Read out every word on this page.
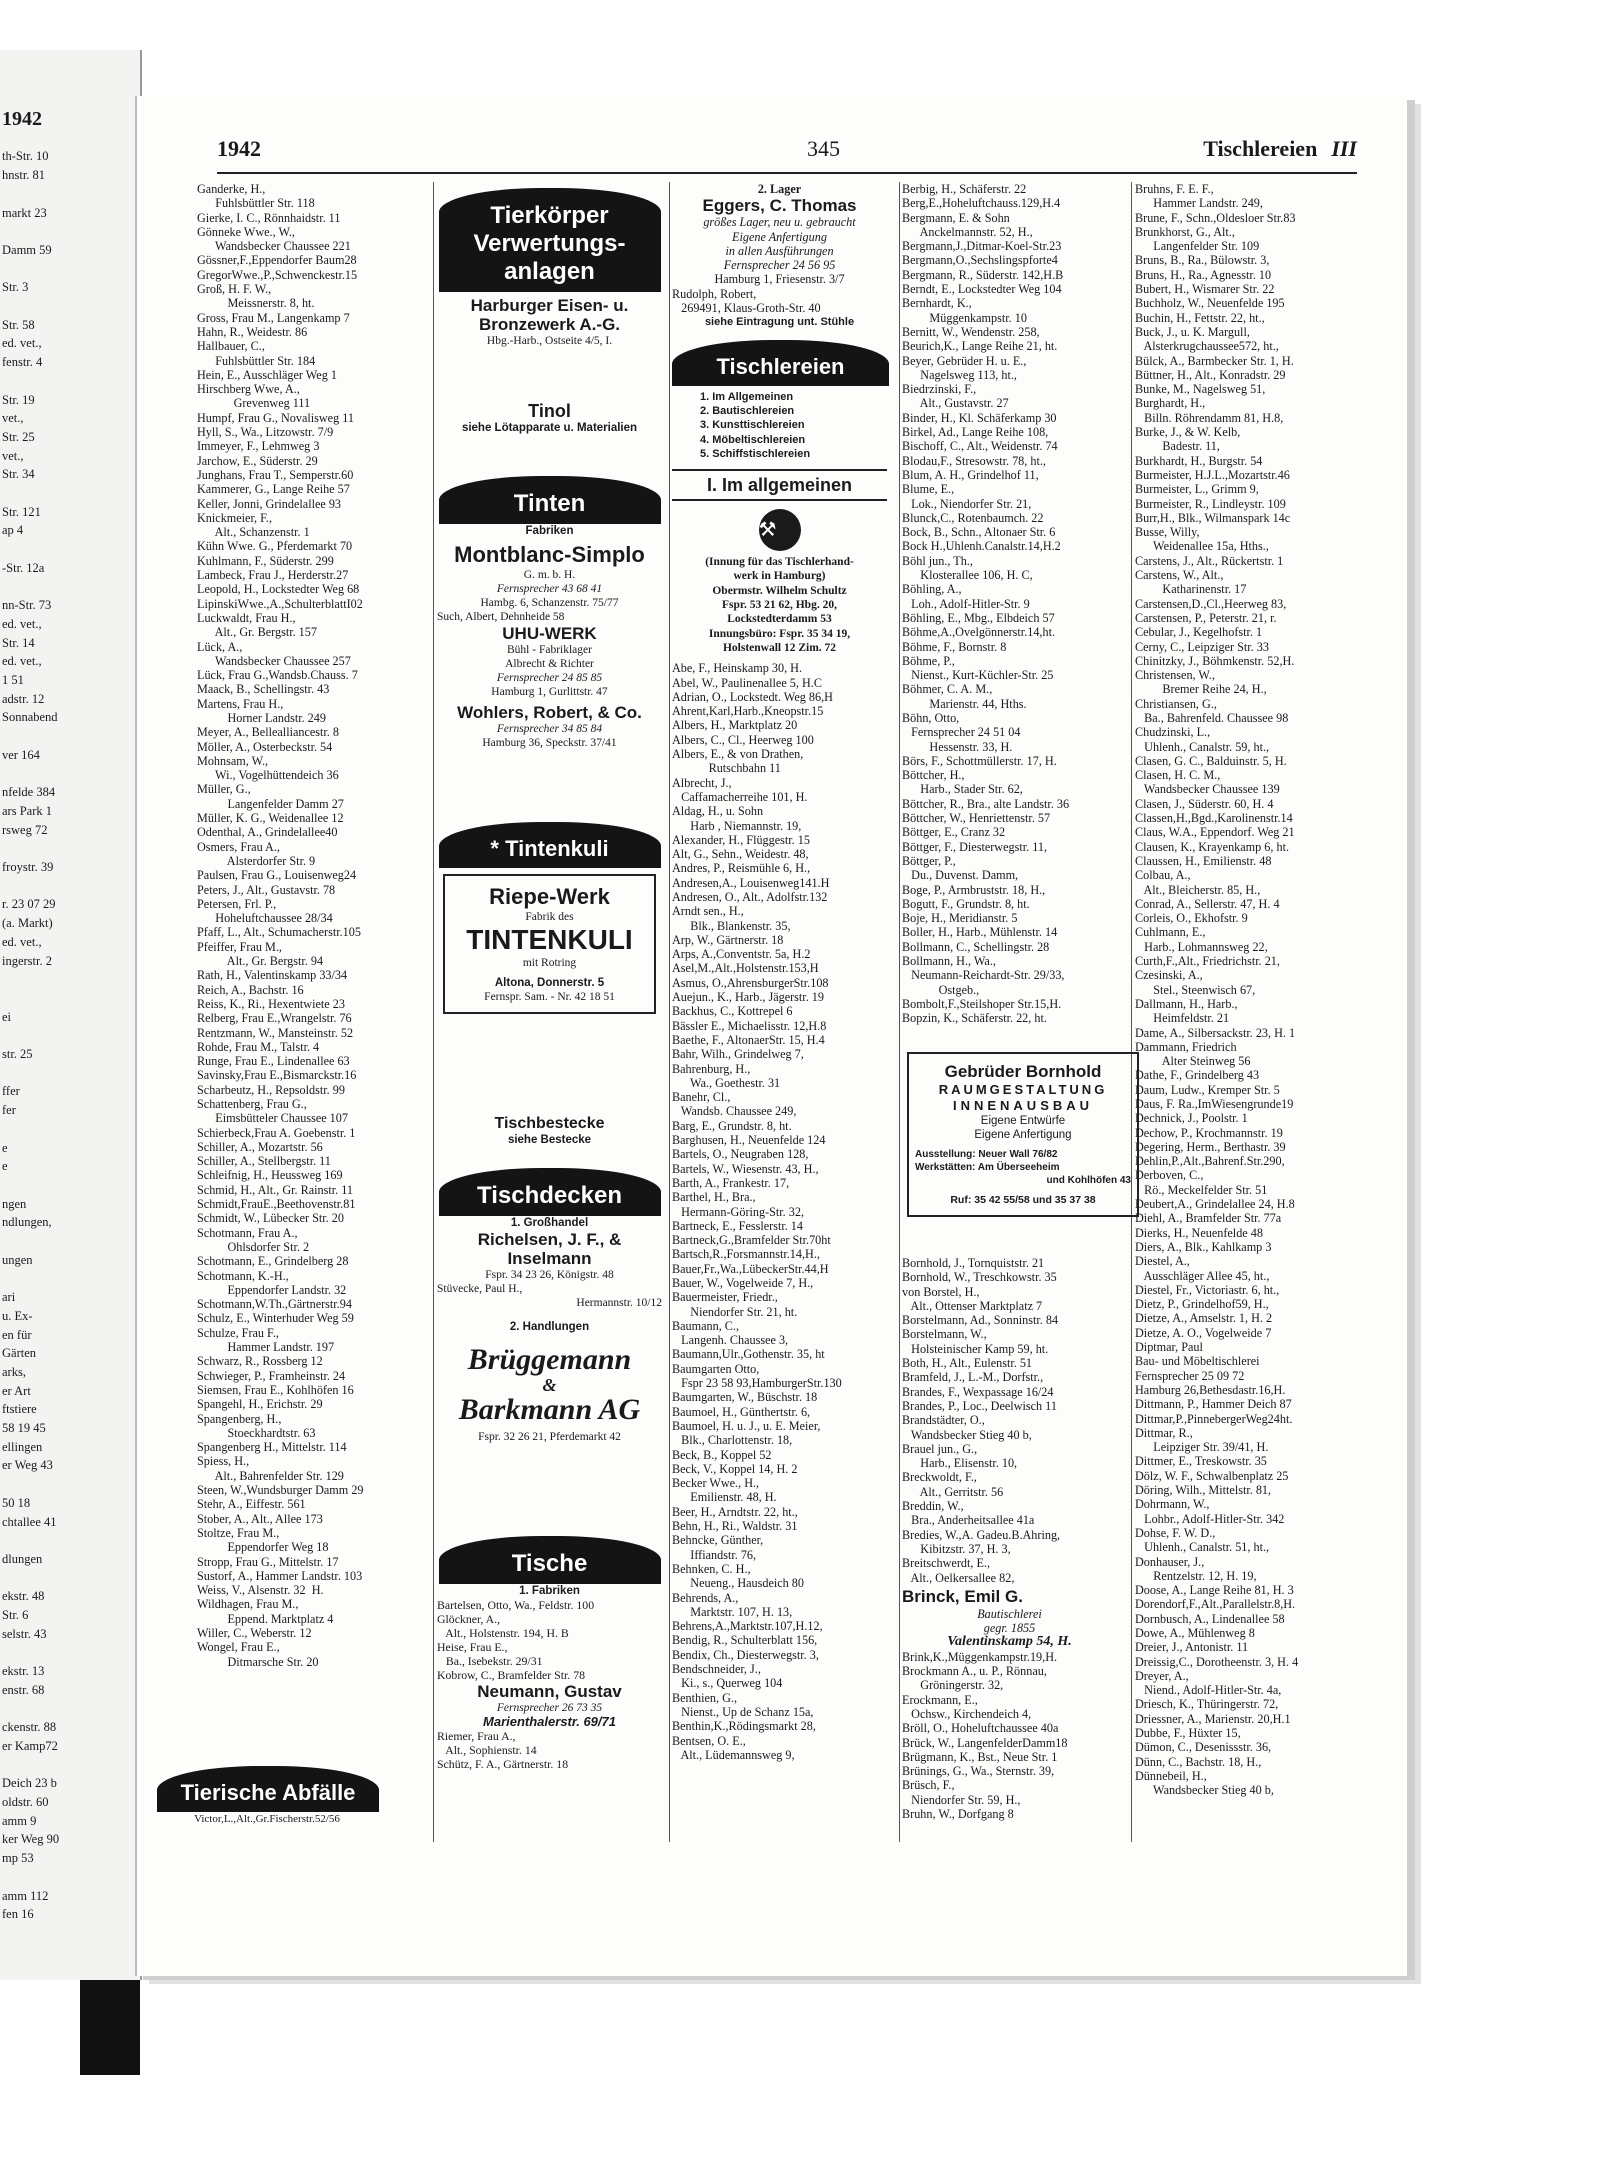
1942
th-Str. 10
hnstr. 81
markt 23
Damm 59
Str. 3
Str. 58
ed. vet.,
fenstr. 4
Str. 19
vet.,
Str. 25
vet.,
Str. 34
Str. 121
ap 4
-Str. 12a
nn-Str. 73
ed. vet.,
Str. 14
ed. vet.,
1 51
adstr. 12
Sonnabend
ver 164
nfelde 384
ars Park 1
rsweg 72
froystr. 39
r. 23 07 29
(a. Markt)
ed. vet.,
ingerstr. 2
ei
str. 25
ffer
fer
e
e
ngen
ndlungen,
ungen
ari
u. Ex-
en für
Gärten
arks,
er Art
ftstiere
58 19 45
ellingen
er Weg 43
50 18
chtallee 41
dlungen
ekstr. 48
Str. 6
selstr. 43
ekstr. 13
enstr. 68
ckenstr. 88
er Kamp72
Deich 23 b
oldstr. 60
amm 9
ker Weg 90
mp 53
amm 112
fen 16
1942	345	Tischlereien III
Ganderke, H.,
Fuhlsbüttler Str. 118
Gierke, I. C., Rönnhaidstr. 11
Gönneke Wwe., W.,
Wandsbecker Chaussee 221
Gössner,F.,Eppendorfer Baum28
GregorWwe.,P.,Schwenckestr.15
Groß, H. F. W.,
Meissnerstr. 8, ht.
Gross, Frau M., Langenkamp 7
Hahn, R., Weidestr. 86
Hallbauer, C.,
Fuhlsbüttler Str. 184
Hein, E., Ausschläger Weg 1
Hirschberg Wwe, A.,
Grevenweg 111
Humpf, Frau G., Novalisweg 11
Hyll, S., Wa., Litzowstr. 7/9
Immeyer, F., Lehmweg 3
Jarchow, E., Süderstr. 29
Junghans, Frau T., Semperstr.60
Kammerer, G., Lange Reihe 57
Keller, Jonni, Grindelallee 93
Knickmeier, F.,
Alt., Schanzenstr. 1
Kühn Wwe. G., Pferdemarkt 70
Kuhlmann, F., Süderstr. 299
Lambeck, Frau J., Herderstr.27
Leopold, H., Lockstedter Weg 68
LipinskiWwe.,A.,SchulterblattI02
Luckwaldt, Frau H.,
Alt., Gr. Bergstr. 157
Lück, A.,
Wandsbecker Chaussee 257
Lück, Frau G.,Wandsb.Chauss. 7
Maack, B., Schellingstr. 43
Martens, Frau H.,
Horner Landstr. 249
Meyer, A., Bellealliancestr. 8
Möller, A., Osterbeckstr. 54
Mohnsam, W.,
Wi., Vogelhüttendeich 36
Müller, G.,
Langenfelder Damm 27
Müller, K. G., Weidenallee 12
Odenthal, A., Grindelallee40
Osmers, Frau A.,
Alsterdorfer Str. 9
Paulsen, Frau G., Louisenweg24
Peters, J., Alt., Gustavstr. 78
Petersen, Frl. P.,
Hoheluftchaussee 28/34
Pfaff, L., Alt., Schumacherstr.105
Pfeiffer, Frau M.,
Alt., Gr. Bergstr. 94
Rath, H., Valentinskamp 33/34
Reich, A., Bachstr. 16
Reiss, K., Ri., Hexentwiete 23
Relberg, Frau E.,Wrangelstr. 76
Rentzmann, W., Mansteinstr. 52
Rohde, Frau M., Talstr. 4
Runge, Frau E., Lindenallee 63
Savinsky,Frau E.,Bismarckstr.16
Scharbeutz, H., Repsoldstr. 99
Schattenberg, Frau G.,
Eimsbütteler Chaussee 107
Schierbeck,Frau A. Goebenstr. 1
Schiller, A., Mozartstr. 56
Schiller, A., Stellbergstr. 11
Schleifnig, H., Heussweg 169
Schmid, H., Alt., Gr. Rainstr. 11
Schmidt,FrauE.,Beethovenstr.81
Schmidt, W., Lübecker Str. 20
Schotmann, Frau A.,
Ohlsdorfer Str. 2
Schotmann, E., Grindelberg 28
Schotmann, K.-H.,
Eppendorfer Landstr. 32
Schotmann,W.Th.,Gärtnerstr.94
Schulz, E., Winterhuder Weg 59
Schulze, Frau F.,
Hammer Landstr. 197
Schwarz, R., Rossberg 12
Schwieger, P., Framheinstr. 24
Siemsen, Frau E., Kohlhöfen 16
Spangehl, H., Erichstr. 29
Spangenberg, H.,
Stoeckhardtstr. 63
Spangenberg H., Mittelstr. 114
Spiess, H.,
Alt., Bahrenfelder Str. 129
Steen, W.,Wundsburger Damm 29
Stehr, A., Eiffestr. 561
Stober, A., Alt., Allee 173
Stoltze, Frau M.,
Eppendorfer Weg 18
Stropp, Frau G., Mittelstr. 17
Sustorf, A., Hammer Landstr. 103
Weiss, V., Alsenstr. 32  H.
Wildhagen, Frau M.,
Eppend. Marktplatz 4
Willer, C., Weberstr. 12
Wongel, Frau E.,
Ditmarsche Str. 20
Tierkörper Verwertungs- anlagen
Harburger Eisen- u. Bronzewerk A.-G.
Hbg.-Harb., Ostseite 4/5, I.
Tinol
siehe Lötapparate u. Materialien
Tinten
Fabriken
Montblanc-Simplo
G. m. b. H.
Fernsprecher 43 68 41
Hambg. 6, Schanzenstr. 75/77
Such, Albert, Dehnheide 58
UHU-WERK
Bühl - Fabriklager
Albrecht & Richter
Fernsprecher 24 85 85
Hamburg 1, Gurlittstr. 47
Wohlers, Robert, & Co.
Fernsprecher 34 85 84
Hamburg 36, Speckstr. 37/41
* Tintenkuli
Riepe-Werk
Fabrik des
TINTENKULI
mit Rotring
Altona, Donnerstr. 5
Fernspr. Sam. - Nr. 42 18 51
Tischbestecke
siehe Bestecke
Tischdecken
1. Großhandel
Richelsen, J. F., & Inselmann
Fspr. 34 23 26, Königstr. 48
Stüvecke, Paul H.,
Hermannstr. 10/12
2. Handlungen
Brüggemann
&
Barkmann AG
Fspr. 32 26 21, Pferdemarkt 42
Tische
1. Fabriken
Bartelsen, Otto, Wa., Feldstr. 100
Glöckner, A.,
Alt., Holstenstr. 194, H. B
Heise, Frau E.,
Ba., Isebekstr. 29/31
Kobrow, C., Bramfelder Str. 78
Neumann, Gustav
Fernsprecher 26 73 35
Marienthalerstr. 69/71
Riemer, Frau A.,
Alt., Sophienstr. 14
Schütz, F. A., Gärtnerstr. 18
Tierische Abfälle
Victor,L.,Alt.,Gr.Fischerstr.52/56
2. Lager
Eggers, C. Thomas
größes Lager, neu u. gebraucht
Eigene Anfertigung
in allen Ausführungen
Fernsprecher 24 56 95
Hamburg 1, Friesenstr. 3/7
Rudolph, Robert,
269491, Klaus-Groth-Str. 40
siehe Eintragung unt. Stühle
Tischlereien
1. Im Allgemeinen
2. Bautischlereien
3. Kunsttischlereien
4. Möbeltischlereien
5. Schiffstischlereien
I. Im allgemeinen
⚒
(Innung für das Tischlerhand-
werk in Hamburg)
Obermstr. Wilhelm Schultz
Fspr. 53 21 62, Hbg. 20,
Lockstedterdamm 53
Innungsbüro: Fspr. 35 34 19,
Holstenwall 12 Zim. 72
Abe, F., Heinskamp 30, H.
Abel, W., Paulinenallee 5, H.C
Adrian, O., Lockstedt. Weg 86,H
Ahrent,Karl,Harb.,Kneopstr.15
Albers, H., Marktplatz 20
Albers, C., Cl., Heerweg 100
Albers, E., & von Drathen,
Rutschbahn 11
Albrecht, J.,
Caffamacherreihe 101, H.
Aldag, H., u. Sohn
Harb , Niemannstr. 19,
Alexander, H., Flüggestr. 15
Alt, G., Sehn., Weidestr. 48,
Andres, P., Reismühle 6, H.,
Andresen,A., Louisenweg141.H
Andresen, O., Alt., Adolfstr.132
Arndt sen., H.,
Blk., Blankenstr. 35,
Arp, W., Gärtnerstr. 18
Arps, A.,Conventstr. 5a, H.2
Asel,M.,Alt.,Holstenstr.153,H
Asmus, O.,AhrensburgerStr.108
Auejun., K., Harb., Jägerstr. 19
Backhus, C., Kottrepel 6
Bässler E., Michaelisstr. 12,H.8
Baethe, F., AltonaerStr. 15, H.4
Bahr, Wilh., Grindelweg 7,
Bahrenburg, H.,
Wa., Goethestr. 31
Banehr, Cl.,
Wandsb. Chaussee 249,
Barg, E., Grundstr. 8, ht.
Barghusen, H., Neuenfelde 124
Bartels, O., Neugraben 128,
Bartels, W., Wiesenstr. 43, H.,
Barth, A., Frankestr. 17,
Barthel, H., Bra.,
Hermann-Göring-Str. 32,
Bartneck, E., Fesslerstr. 14
Bartneck,G.,Bramfelder Str.70ht
Bartsch,R.,Forsmannstr.14,H.,
Bauer,Fr.,Wa.,LübeckerStr.44,H
Bauer, W., Vogelweide 7, H.,
Bauermeister, Friedr.,
Niendorfer Str. 21, ht.
Baumann, C.,
Langenh. Chaussee 3,
Baumann,Ulr.,Gothenstr. 35, ht
Baumgarten Otto,
Fspr 23 58 93,HamburgerStr.130
Baumgarten, W., Büschstr. 18
Baumoel, H., Günthertstr. 6,
Baumoel, H. u. J., u. E. Meier,
Blk., Charlottenstr. 18,
Beck, B., Koppel 52
Beck, V., Koppel 14, H. 2
Becker Wwe., H.,
Emilienstr. 48, H.
Beer, H., Arndtstr. 22, ht.,
Behn, H., Ri., Waldstr. 31
Behncke, Günther,
Iffiandstr. 76,
Behnken, C. H.,
Neueng., Hausdeich 80
Behrends, A.,
Marktstr. 107, H. 13,
Behrens,A.,Marktstr.107,H.12,
Bendig, R., Schulterblatt 156,
Bendix, Ch., Diesterwegstr. 3,
Bendschneider, J.,
Ki., s., Querweg 104
Benthien, G.,
Nienst., Up de Schanz 15a,
Benthin,K.,Rödingsmarkt 28,
Bentsen, O. E.,
Alt., Lüdemannsweg 9,
Berbig, H., Schäferstr. 22
Berg,E.,Hoheluftchauss.129,H.4
Bergmann, E. & Sohn
Anckelmannstr. 52, H.,
Bergmann,J.,Ditmar-Koel-Str.23
Bergmann,O.,Sechslingspforte4
Bergmann, R., Süderstr. 142,H.B
Berndt, E., Lockstedter Weg 104
Bernhardt, K.,
Müggenkampstr. 10
Bernitt, W., Wendenstr. 258,
Beurich,K., Lange Reihe 21, ht.
Beyer, Gebrüder H. u. E.,
Nagelsweg 113, ht.,
Biedrzinski, F.,
Alt., Gustavstr. 27
Binder, H., Kl. Schäferkamp 30
Birkel, Ad., Lange Reihe 108,
Bischoff, C., Alt., Weidenstr. 74
Blodau,F., Stresowstr. 78, ht.,
Blum, A. H., Grindelhof 11,
Blume, E.,
Lok., Niendorfer Str. 21,
Blunck,C., Rotenbaumch. 22
Bock, B., Schn., Altonaer Str. 6
Bock H.,Uhlenh.Canalstr.14,H.2
Böhl jun., Th.,
Klosterallee 106, H. C,
Böhling, A.,
Loh., Adolf-Hitler-Str. 9
Böhling, E., Mbg., Elbdeich 57
Böhme,A.,Ovelgönnerstr.14,ht.
Böhme, F., Bornstr. 8
Böhme, P.,
Nienst., Kurt-Küchler-Str. 25
Böhmer, C. A. M.,
Marienstr. 44, Hths.
Böhn, Otto,
Fernsprecher 24 51 04
Hessenstr. 33, H.
Börs, F., Schottmüllerstr. 17, H.
Böttcher, H.,
Harb., Stader Str. 62,
Böttcher, R., Bra., alte Landstr. 36
Böttcher, W., Henriettenstr. 57
Böttger, E., Cranz 32
Böttger, F., Diesterwegstr. 11,
Böttger, P.,
Du., Duvenst. Damm,
Boge, P., Armbruststr. 18, H.,
Bogutt, F., Grundstr. 8, ht.
Boje, H., Meridianstr. 5
Boller, H., Harb., Mühlenstr. 14
Bollmann, C., Schellingstr. 28
Bollmann, H., Wa.,
Neumann-Reichardt-Str. 29/33,
Ostgeb.,
Bombolt,F.,Steilshoper Str.15,H.
Bopzin, K., Schäferstr. 22, ht.
Gebrüder Bornhold
RAUMGESTALTUNG
INNENAUSBAU
Eigene Entwürfe
Eigene Anfertigung
Ausstellung: Neuer Wall 76/82
Werkstätten: Am Überseeheim
und Kohlhöfen 43
Ruf: 35 42 55/58 und 35 37 38
Bornhold, J., Tornquiststr. 21
Bornhold, W., Treschkowstr. 35
von Borstel, H.,
Alt., Ottenser Marktplatz 7
Borstelmann, Ad., Sonninstr. 84
Borstelmann, W.,
Holsteinischer Kamp 59, ht.
Both, H., Alt., Eulenstr. 51
Bramfeld, J., L.-M., Dorfstr.,
Brandes, F., Wexpassage 16/24
Brandes, P., Loc., Deelwisch 11
Brandstädter, O.,
Wandsbecker Stieg 40 b,
Brauel jun., G.,
Harb., Elisenstr. 10,
Breckwoldt, F.,
Alt., Gerritstr. 56
Breddin, W.,
Bra., Anderheitsallee 41a
Bredies, W.,A. Gadeu.B.Ahring,
Kibitzstr. 37, H. 3,
Breitschwerdt, E.,
Alt., Oelkersallee 82,
Brinck, Emil G.
Bautischlerei
gegr. 1855
Valentinskamp 54, H.
Brink,K.,Müggenkampstr.19,H.
Brockmann A., u. P., Rönnau,
Gröningerstr. 32,
Erockmann, E.,
Ochsw., Kirchendeich 4,
Bröll, O., Hoheluftchaussee 40a
Brück, W., LangenfelderDamm18
Brügmann, K., Bst., Neue Str. 1
Brünings, G., Wa., Sternstr. 39,
Brüsch, F.,
Niendorfer Str. 59, H.,
Bruhn, W., Dorfgang 8
Bruhns, F. E. F.,
Hammer Landstr. 249,
Brune, F., Schn.,Oldesloer Str.83
Brunkhorst, G., Alt.,
Langenfelder Str. 109
Bruns, B., Ra., Bülowstr. 3,
Bruns, H., Ra., Agnesstr. 10
Bubert, H., Wismarer Str. 22
Buchholz, W., Neuenfelde 195
Buchin, H., Fettstr. 22, ht.,
Buck, J., u. K. Margull,
Alsterkrugchaussee572, ht.,
Bülck, A., Barmbecker Str. 1, H.
Büttner, H., Alt., Konradstr. 29
Bunke, M., Nagelsweg 51,
Burghardt, H.,
Billn. Röhrendamm 81, H.8,
Burke, J., & W. Kelb,
Badestr. 11,
Burkhardt, H., Burgstr. 54
Burmeister, H.J.L.,Mozartstr.46
Burmeister, L., Grimm 9,
Burmeister, R., Lindleystr. 109
Burr,H., Blk., Wilmanspark 14c
Busse, Willy,
Weidenallee 15a, Hths.,
Carstens, J., Alt., Rückertstr. 1
Carstens, W., Alt.,
Katharinenstr. 17
Carstensen,D.,Cl.,Heerweg 83,
Carstensen, P., Peterstr. 21, r.
Cebular, J., Kegelhofstr. 1
Cerny, C., Leipziger Str. 33
Chinitzky, J., Böhmkenstr. 52,H.
Christensen, W.,
Bremer Reihe 24, H.,
Christiansen, G.,
Ba., Bahrenfeld. Chaussee 98
Chudzinski, L.,
Uhlenh., Canalstr. 59, ht.,
Clasen, G. C., Balduinstr. 5, H.
Clasen, H. C. M.,
Wandsbecker Chaussee 139
Clasen, J., Süderstr. 60, H. 4
Classen,H.,Bgd.,Karolinenstr.14
Claus, W.A., Eppendorf. Weg 21
Clausen, K., Krayenkamp 6, ht.
Claussen, H., Emilienstr. 48
Colbau, A.,
Alt., Bleicherstr. 85, H.,
Conrad, A., Sellerstr. 47, H. 4
Corleis, O., Ekhofstr. 9
Cuhlmann, E.,
Harb., Lohmannsweg 22,
Curth,F.,Alt., Friedrichstr. 21,
Czesinski, A.,
Stel., Steenwisch 67,
Dallmann, H., Harb.,
Heimfeldstr. 21
Dame, A., Silbersackstr. 23, H. 1
Dammann, Friedrich
Alter Steinweg 56
Dathe, F., Grindelberg 43
Daum, Ludw., Kremper Str. 5
Daus, F. Ra.,ImWiesengrunde19
Dechnick, J., Poolstr. 1
Dechow, P., Krochmannstr. 19
Degering, Herm., Berthastr. 39
Dehlin,P.,Alt.,Bahrenf.Str.290,
Derboven, C.,
Rö., Meckelfelder Str. 51
Deubert,A., Grindelallee 24, H.8
Diehl, A., Bramfelder Str. 77a
Dierks, H., Neuenfelde 48
Diers, A., Blk., Kahlkamp 3
Diestel, A.,
Ausschläger Allee 45, ht.,
Diestel, Fr., Victoriastr. 6, ht.,
Dietz, P., Grindelhof59, H.,
Dietze, A., Amselstr. 1, H. 2
Dietze, A. O., Vogelweide 7
Diptmar, Paul
Bau- und Möbeltischlerei
Fernsprecher 25 09 72
Hamburg 26,Bethesdastr.16,H.
Dittmann, P., Hammer Deich 87
Dittmar,P.,PinnebergerWeg24ht.
Dittmar, R.,
Leipziger Str. 39/41, H.
Dittmer, E., Treskowstr. 35
Dölz, W. F., Schwalbenplatz 25
Döring, Wilh., Mittelstr. 81,
Dohrmann, W.,
Lohbr., Adolf-Hitler-Str. 342
Dohse, F. W. D.,
Uhlenh., Canalstr. 51, ht.,
Donhauser, J.,
Rentzelstr. 12, H. 19,
Doose, A., Lange Reihe 81, H. 3
Dorendorf,F.,Alt.,Parallelstr.8,H.
Dornbusch, A., Lindenallee 58
Dowe, A., Mühlenweg 8
Dreier, J., Antonistr. 11
Dreissig,C., Dorotheenstr. 3, H. 4
Dreyer, A.,
Niend., Adolf-Hitler-Str. 4a,
Driesch, K., Thüringerstr. 72,
Driessner, A., Marienstr. 20,H.1
Dubbe, F., Hüxter 15,
Dümon, C., Desenissstr. 36,
Dünn, C., Bachstr. 18, H.,
Dünnebeil, H.,
Wandsbecker Stieg 40 b,
